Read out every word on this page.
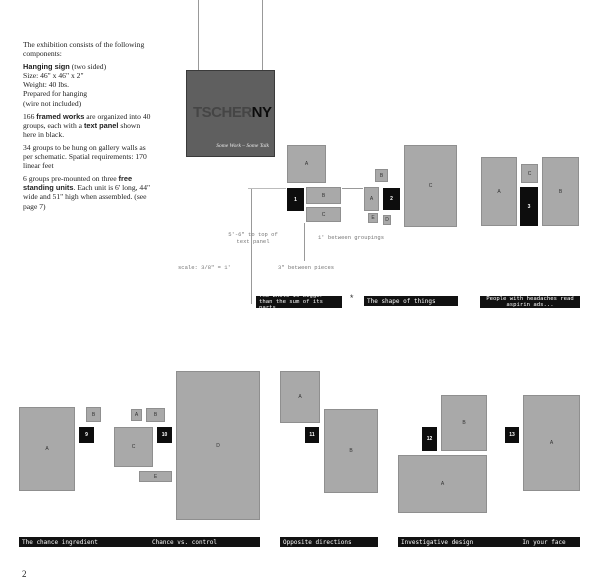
The exhibition consists of the following components:

Hanging sign (two sided)
Size: 46" x 46" x 2"
Weight: 40 lbs.
Prepared for hanging
(wire not included)

166 framed works are organized into 40 groups, each with a text panel shown here in black.

34 groups to be hung on gallery walls as per schematic. Spatial requirements: 170 linear feet

6 groups pre-mounted on three free standing units. Each unit is 6' long, 44" wide and 51" high when assembled. (see page 7)

TSCHERNY
Some Work – Some Talk
A
1
B
C
B
A	2
E D
C
A
C
3
B
5'-6" to top of text panel
1' between groupings
3" between pieces
scale: 3/8" = 1'
*
The whole is bigger than the sum of its parts
The shape of things	People with headaches read aspirin ads...
A
9
B	A	B
C
10
E
D
A
11
B
B
12
A
13
A
The chance ingredient	Chance vs. control	Opposite directions	Investigative design	In your face
2
